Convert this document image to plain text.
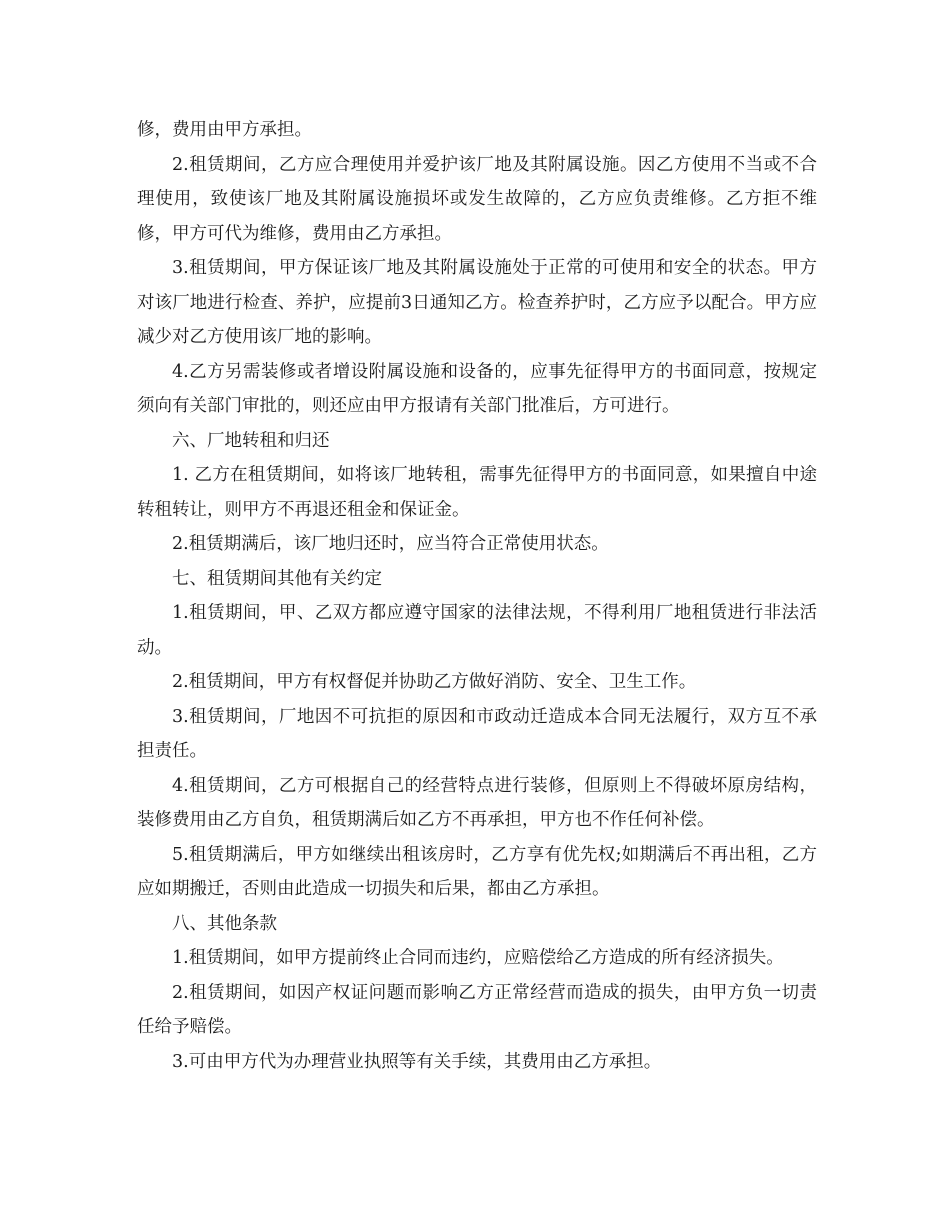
修，费用由甲方承担。

2.租赁期间，乙方应合理使用并爱护该厂地及其附属设施。因乙方使用不当或不合理使用，致使该厂地及其附属设施损坏或发生故障的，乙方应负责维修。乙方拒不维修，甲方可代为维修，费用由乙方承担。

3.租赁期间，甲方保证该厂地及其附属设施处于正常的可使用和安全的状态。甲方对该厂地进行检查、养护，应提前3日通知乙方。检查养护时，乙方应予以配合。甲方应减少对乙方使用该厂地的影响。

4.乙方另需装修或者增设附属设施和设备的，应事先征得甲方的书面同意，按规定须向有关部门审批的，则还应由甲方报请有关部门批准后，方可进行。

六、厂地转租和归还

1. 乙方在租赁期间，如将该厂地转租，需事先征得甲方的书面同意，如果擅自中途转租转让，则甲方不再退还租金和保证金。

2.租赁期满后，该厂地归还时，应当符合正常使用状态。

七、租赁期间其他有关约定

1.租赁期间，甲、乙双方都应遵守国家的法律法规，不得利用厂地租赁进行非法活动。

2.租赁期间，甲方有权督促并协助乙方做好消防、安全、卫生工作。

3.租赁期间，厂地因不可抗拒的原因和市政动迁造成本合同无法履行，双方互不承担责任。

4.租赁期间，乙方可根据自己的经营特点进行装修，但原则上不得破坏原房结构，装修费用由乙方自负，租赁期满后如乙方不再承担，甲方也不作任何补偿。

5.租赁期满后，甲方如继续出租该房时，乙方享有优先权;如期满后不再出租，乙方应如期搬迁，否则由此造成一切损失和后果，都由乙方承担。

八、其他条款

1.租赁期间，如甲方提前终止合同而违约，应赔偿给乙方造成的所有经济损失。

2.租赁期间，如因产权证问题而影响乙方正常经营而造成的损失，由甲方负一切责任给予赔偿。

3.可由甲方代为办理营业执照等有关手续，其费用由乙方承担。
